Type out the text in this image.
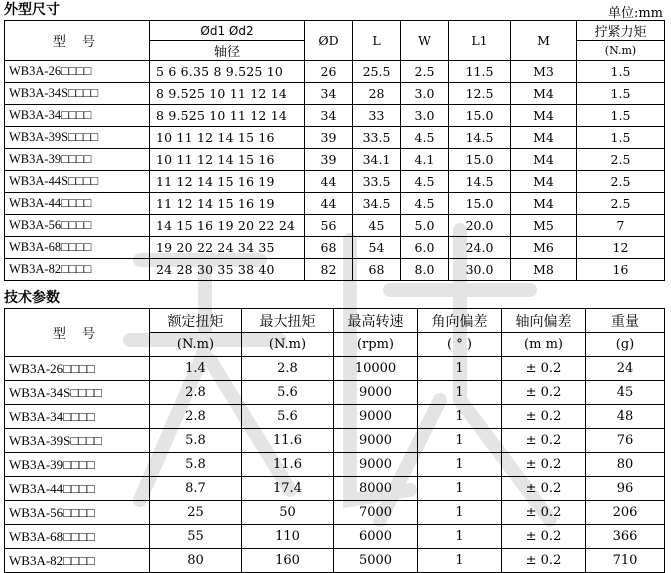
外型尺寸	单位:mm
型 号	Ød1 Ød2	ØD	L	W	L1	M	拧紧力矩
	轴径						(N.m)
WB3A-26□□□□	5 6 6.35 8 9.525 10	26	25.5	2.5	11.5	M3	1.5
WB3A-34S□□□□	8 9.525 10 11 12 14	34	28	3.0	12.5	M4	1.5
WB3A-34□□□□	8 9.525 10 11 12 14	34	33	3.0	15.0	M4	1.5
WB3A-39S□□□□	10 11 12 14 15 16	39	33.5	4.5	14.5	M4	1.5
WB3A-39□□□□	10 11 12 14 15 16	39	34.1	4.1	15.0	M4	2.5
WB3A-44S□□□□	11 12 14 15 16 19	44	33.5	4.5	14.5	M4	2.5
WB3A-44□□□□	11 12 14 15 16 19	44	34.5	4.5	15.0	M4	2.5
WB3A-56□□□□	14 15 16 19 20 22 24	56	45	5.0	20.0	M5	7
WB3A-68□□□□	19 20 22 24 34 35	68	54	6.0	24.0	M6	12
WB3A-82□□□□	24 28 30 35 38 40	82	68	8.0	30.0	M8	16
技术参数
型 号	额定扭矩	最大扭矩	最高转速	角向偏差	轴向偏差	重量
	(N.m)	(N.m)	(rpm)	( ° )	(m m)	(g)
WB3A-26□□□□	1.4	2.8	10000	1	± 0.2	24
WB3A-34S□□□□	2.8	5.6	9000	1	± 0.2	45
WB3A-34□□□□	2.8	5.6	9000	1	± 0.2	48
WB3A-39S□□□□	5.8	11.6	9000	1	± 0.2	76
WB3A-39□□□□	5.8	11.6	9000	1	± 0.2	80
WB3A-44□□□□	8.7	17.4	8000	1	± 0.2	96
WB3A-56□□□□	25	50	7000	1	± 0.2	206
WB3A-68□□□□	55	110	6000	1	± 0.2	366
WB3A-82□□□□	80	160	5000	1	± 0.2	710
